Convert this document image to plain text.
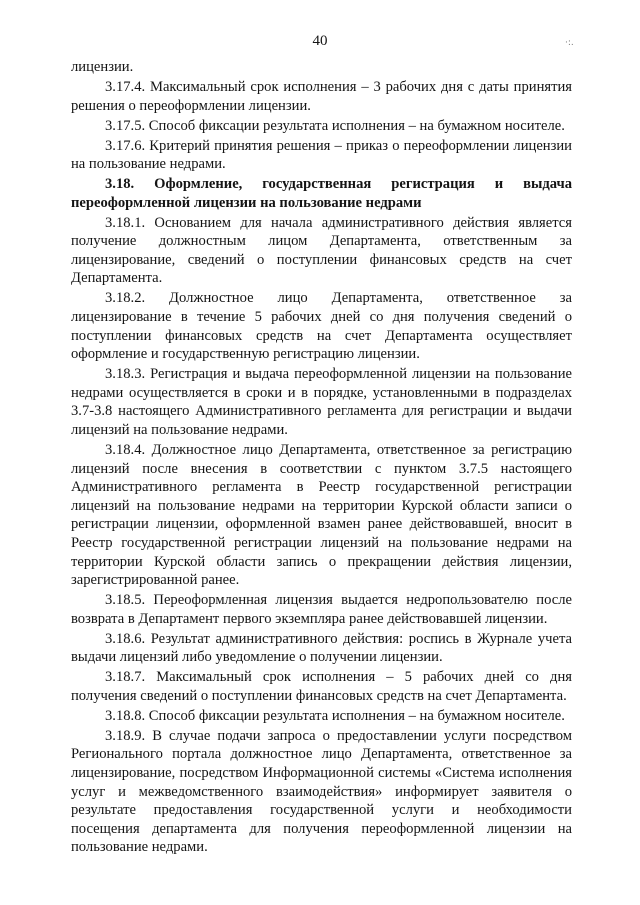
40	·:.

лицензии.

3.17.4. Максимальный срок исполнения – 3 рабочих дня с даты принятия решения о переоформлении лицензии.

3.17.5. Способ фиксации результата исполнения – на бумажном носителе.

3.17.6. Критерий принятия решения – приказ о переоформлении лицензии на пользование недрами.

3.18. Оформление, государственная регистрация и выдача переоформленной лицензии на пользование недрами

3.18.1. Основанием для начала административного действия является получение должностным лицом Департамента, ответственным за лицензирование, сведений о поступлении финансовых средств на счет Департамента.

3.18.2. Должностное лицо Департамента, ответственное за лицензирование в течение 5 рабочих дней со дня получения сведений о поступлении финансовых средств на счет Департамента осуществляет оформление и государственную регистрацию лицензии.

3.18.3. Регистрация и выдача переоформленной лицензии на пользование недрами осуществляется в сроки и в порядке, установленными в подразделах 3.7-3.8 настоящего Административного регламента для регистрации и выдачи лицензий на пользование недрами.

3.18.4. Должностное лицо Департамента, ответственное за регистрацию лицензий после внесения в соответствии с пунктом 3.7.5 настоящего Административного регламента в Реестр государственной регистрации лицензий на пользование недрами на территории Курской области записи о регистрации лицензии, оформленной взамен ранее действовавшей, вносит в Реестр государственной регистрации лицензий на пользование недрами на территории Курской области запись о прекращении действия лицензии, зарегистрированной ранее.

3.18.5. Переоформленная лицензия выдается недропользователю после возврата в Департамент первого экземпляра ранее действовавшей лицензии.

3.18.6. Результат административного действия: роспись в Журнале учета выдачи лицензий либо уведомление о получении лицензии.

3.18.7. Максимальный срок исполнения – 5 рабочих дней со дня получения сведений о поступлении финансовых средств на счет Департамента.

3.18.8. Способ фиксации результата исполнения – на бумажном носителе.

3.18.9. В случае подачи запроса о предоставлении услуги посредством Регионального портала должностное лицо Департамента, ответственное за лицензирование, посредством Информационной системы «Система исполнения услуг и межведомственного взаимодействия» информирует заявителя о результате предоставления государственной услуги и необходимости посещения департамента для получения переоформленной лицензии на пользование недрами.
